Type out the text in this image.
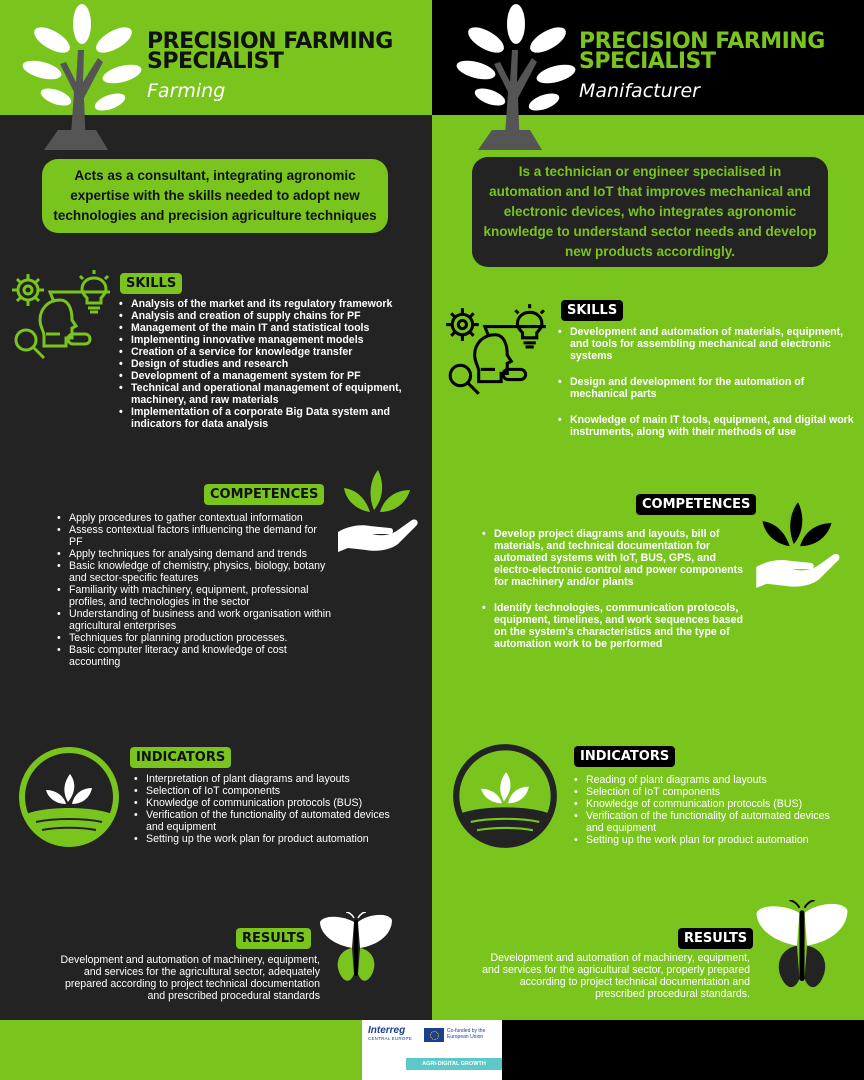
PRECISION FARMING
SPECIALIST
Farming
PRECISION FARMING
SPECIALIST
Manifacturer
Acts as a consultant, integrating agronomic expertise with the skills needed to adopt new technologies and precision agriculture techniques
Is a technician or engineer specialised in automation and IoT that improves mechanical and electronic devices, who integrates agronomic knowledge to understand sector needs and develop new products accordingly.
SKILLS
• Analysis of the market and its regulatory framework
• Analysis and creation of supply chains for PF
• Management of the main IT and statistical tools
• Implementing innovative management models
• Creation of a service for knowledge transfer
• Design of studies and research
• Development of a management system for PF
• Technical and operational management of equipment, machinery, and raw materials
• Implementation of a corporate Big Data system and indicators for data analysis
SKILLS
• Development and automation of materials, equipment, and tools for assembling mechanical and electronic systems
• Design and development for the automation of mechanical parts
• Knowledge of main IT tools, equipment, and digital work instruments, along with their methods of use
COMPETENCES
• Apply procedures to gather contextual information
• Assess contextual factors influencing the demand for PF
• Apply techniques for analysing demand and trends
• Basic knowledge of chemistry, physics, biology, botany and sector-specific features
• Familiarity with machinery, equipment, professional profiles, and technologies in the sector
• Understanding of business and work organisation within agricultural enterprises
• Techniques for planning production processes.
• Basic computer literacy and knowledge of cost accounting
COMPETENCES
• Develop project diagrams and layouts, bill of materials, and technical documentation for automated systems with IoT, BUS, GPS, and electro-electronic control and power components for machinery and/or plants
• Identify technologies, communication protocols, equipment, timelines, and work sequences based on the system's characteristics and the type of automation work to be performed
INDICATORS
• Interpretation of plant diagrams and layouts
• Selection of IoT components
• Knowledge of communication protocols (BUS)
• Verification of the functionality of automated devices and equipment
• Setting up the work plan for product automation
INDICATORS
• Reading of plant diagrams and layouts
• Selection of IoT components
• Knowledge of communication protocols (BUS)
• Verification of the functionality of automated devices and equipment
• Setting up the work plan for product automation
RESULTS
Development and automation of machinery, equipment, and services for the agricultural sector, adequately prepared according to project technical documentation and prescribed procedural standards
RESULTS
Development and automation of machinery, equipment, and services for the agricultural sector, properly prepared according to project technical documentation and prescribed procedural standards.
Interreg
CENTRAL EUROPE
Co-funded by the European Union
AGRI-DIGITAL GROWTH
